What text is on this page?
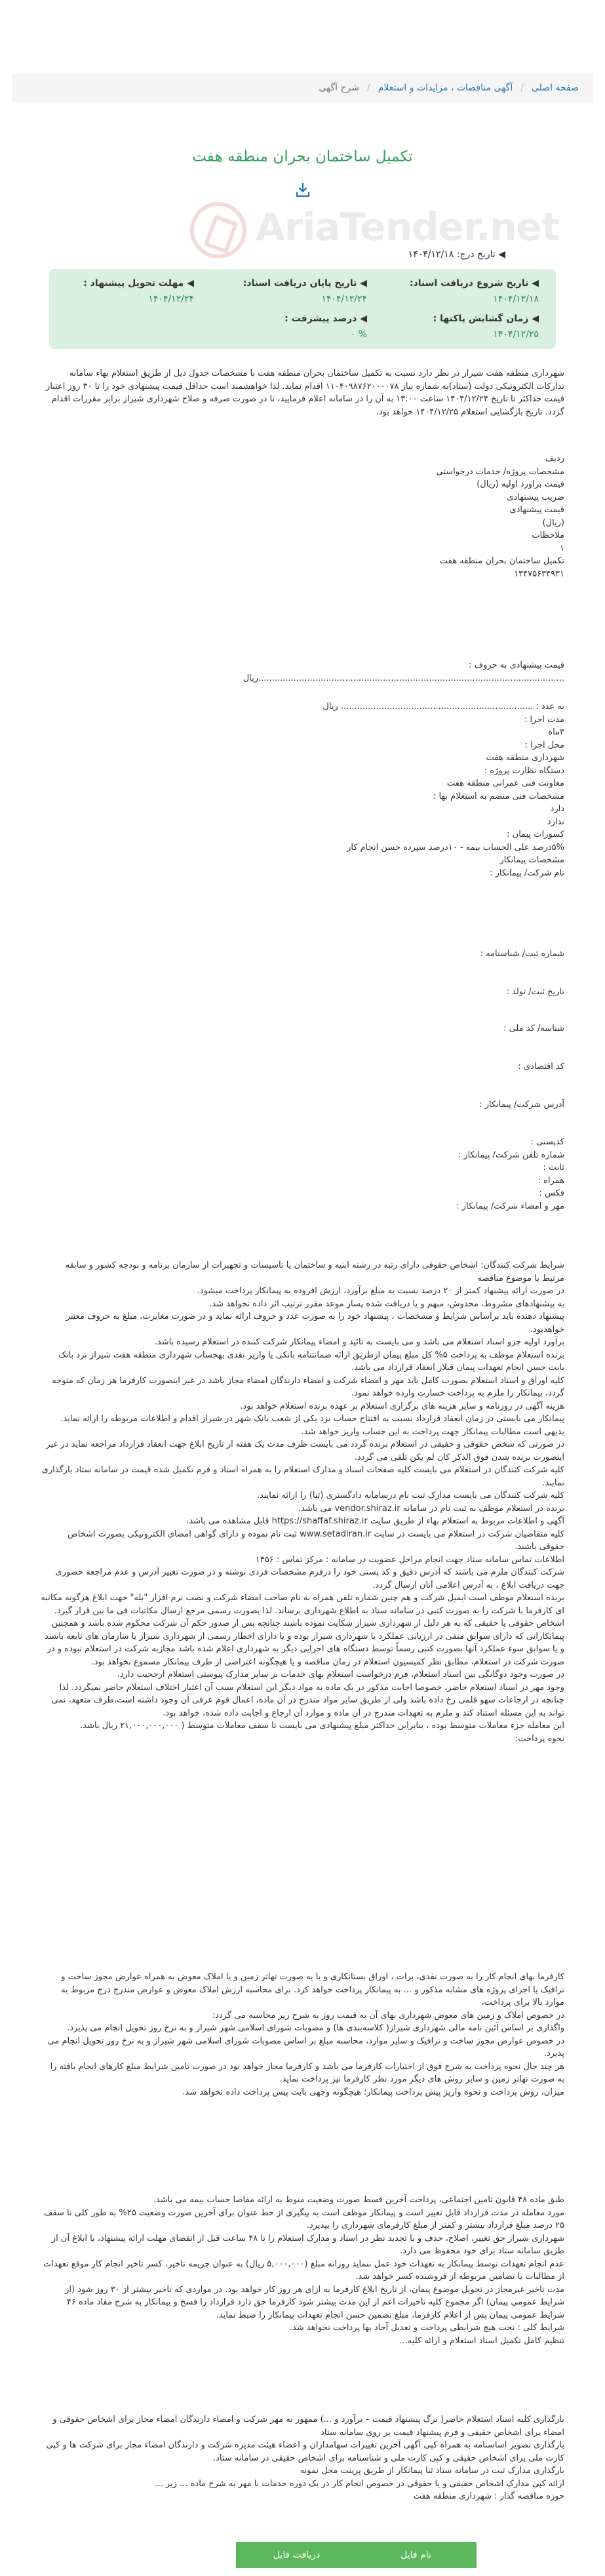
صفحه اصلی
/
آگهی مناقصات ، مزایدات و استعلام
/
شرح آگهی
تکمیل ساختمان بحران منطقه هفت
AriaTender.net
◀ تاریخ درج: ۱۴۰۴/۱۲/۱۸
◀ تاریخ شروع دریافت اسناد:
۱۴۰۴/۱۲/۱۸
◀ تاریخ پایان دریافت اسناد:
۱۴۰۴/۱۲/۲۴
◀ مهلت تحویل پیشنهاد :
۱۴۰۴/۱۲/۲۴
◀ زمان گشایش پاکتها :
۱۴۰۴/۱۲/۲۵
◀ درصد پیشرفت :
% ۰

شهرداری منطقه هفت شیراز در نظر دارد نسبت به تکمیل ساختمان بحران منطقه هفت با مشخصات جدول ذیل از طریق استعلام بهاء سامانه تدارکات الکترونیکی دولت (ستاد)به شماره نیاز ۱۱۰۴۰۹۸۷۶۲۰۰۰۰۷۸ اقدام نماید. لذا خواهشمند است حداقل قیمت پیشنهادی خود را تا ۳۰ روز اعتبار قیمت حداکثر تا تاریخ ۱۴۰۴/۱۲/۲۴ ساعت ۱۳:۰۰ به آن را در سامانه اعلام فرمایید، تا در صورت صرفه و صلاح شهرداری شیراز برابر مقررات اقدام گردد. تاریخ بازگشایی استعلام ۱۴۰۴/۱۲/۲۵ خواهد بود.

ردیف
مشخصات پروژه/ خدمات درخواستی
قیمت براورد اولیه (ریال)
ضریب پیشنهادی
قیمت پیشنهادی
(ریال)
ملاحظات
۱
تکمیل ساختمان بحران منطقه هفت
۱۳۴۷۵۶۳۴۹۳۱

قیمت پیشنهادی به حروف :
.................................................................................................................ریال

به عدد : ....................................................................... ریال
مدت اجرا :
۳ماه
محل اجرا :
شهرداری منطقه هفت
دستگاه نظارت پروژه :
معاونت فنی عمرانی منطقه هفت
مشخصات فنی منضم به استعلام بها :
دارد
ندارد
کسورات پیمان :
۵%درصد علی الحساب بیمه - ۱۰درصد سپرده حسن انجام کار
مشخصات پیمانکار
نام شرکت/ پیمانکار :

شماره ثبت/ شناسنامه :

تاریخ ثبت/ تولد :

شناسه/ کد ملی :

کد اقتصادی :

آدرس شرکت/ پیمانکار :

کدپستی :
شماره تلفن شرکت/ پیمانکار :
ثابت :
همراه :
فکس :
مهر و امضاء شرکت/ پیمانکار :

شرایط شرکت کنندگان: اشخاص حقوقی دارای رتبه در رشته ابنیه و ساختمان یا تاسیسات و تجهیزات از سازمان برنامه و بودجه کشور و سابقه مرتبط با موضوع مناقصه
در صورت ارائه پیشنهاد کمتر از ۲۰ درصد نسبت به مبلغ برآورد، ارزش افزوده به پیمانکار پرداخت میشود.
به پیشنهادهای مشروط، مخدوش، مبهم و یا دریافت شده پساز موعد مقرر ترتیب اثر داده نخواهد شد.
پیشنهاد دهنده باید براساس شرایط و مشخصات ، پیشنهاد خود را به صورت عدد و حروف ارائه نماید و در صورت مغایرت، مبلغ به حروف معتبر خواهدبود.
برآورد اولیه جزو اسناد استعلام می باشد و می بایست به تائید و امضاء پیمانکار شرکت کننده در استعلام رسیده باشد.
برنده استعلام موظف به پرداخت ۵% کل مبلغ پیمان ازطریق ارائه ضمانتنامه بانکی یا واریز نقدی بهحساب شهرداری منطقه هفت شیراز نزد بانک بابت حسن انجام تعهدات پیمان قبلاز انعقاد قرارداد می باشد.
کلیه اوراق و اسناد استعلام بصورت کامل باید مهر و امضاء شرکت و امضاء دارندگان امضاء مجاز باشد در غیر اینصورت کارفرما هر زمان که متوجه گردد، پیمانکار را ملزم به پرداخت خسارت وارده خواهد نمود.
هزینه آگهی در روزنامه و سایر هزینه های برگزاری استعلام بر عهده برنده استعلام خواهد بود.
پیمانکار می بایستی در زمان انعقاد قرارداد نسبت به افتتاح حساب نزد یکی از شعب بانک شهر در شیراز اقدام و اطلاعات مربوطه را ارائه نماید. بدیهی است مطالبات پیمانکار جهت پرداخت به این حساب واریز خواهد شد.
در صورتی که شخص حقوقی و حقیقی در استعلام برنده گردد می بایست ظرف مدت یک هفته از تاریخ ابلاغ جهت انعقاد قرارداد مراجعه نماید در غیر اینصورت برنده شدن فوق الذکر کان لم یکن تلقی می گردد.
کلیه شرکت کنندگان در استعلام می بایست کلیه صفحات اسناد و مدارک استعلام را به همراه اسناد و فرم تکمیل شده قیمت در سامانه ستاد بارگذاری نمایند.
کلیه شرکت کنندگان می بایست مدارک ثبت نام درسامانه دادگستری (ثنا) را ارائه نمایند.
برنده در استعلام موظف به ثبت نام در سامانه vendor.shiraz.ir می باشد.
آگهی و اطلاعات مربوط به استعلام بهاء از طریق سایت https://shaffaf.shiraz.ir قابل مشاهده می باشد.
کلیه متقاضیان شرکت در استعلام می بایست در سایت www.setadiran.ir ثبت نام نموده و دارای گواهی امضای الکترونیکی بصورت اشخاص حقوقی باشند.
اطلاعات تماس سامانه ستاد جهت انجام مراحل عضویت در سامانه : مرکز تماس : ۱۴۵۶
شرکت کنندگان ملزم می باشند که آدرس دقیق و کد پستی خود را درفرم مشخصات فردی نوشته و در صورت تغییر آدرس و عدم مراجعه حضوری جهت دریافت ابلاغ ، به آدرس اعلامی آنان ارسال گردد.
برنده استعلام موظف است ایمیل شرکت و هم چنین شماره تلفن همراه به نام صاحب امضاء شرکت و نصب نرم افزار "بله" جهت ابلاغ هرگونه مکاتبه ای کارفرما با شرکت را به صورت کتبی در سامانه ستاد به اطلاع شهرداری برساند. لذا بصورت رسمی مرجع ارسال مکاتبات فی ما بین قرار گیرد.
اشخاص حقوقی یا حقیقی که به هر دلیل از شهرداری شیراز شکایت نموده باشند چنانچه پس از صدور حکم آن شرکت محکوم شده باشد و همچنین پیمانکارانی که دارای سوابق منفی در ارزیابی عملکرد با شهرداری شیراز بوده و یا دارای اخطار رسمی از شهرداری شیراز یا سازمان های تابعه باشند و یا سوابق سوء عملکرد آنها بصورت کتبی رسماً توسط دستگاه های اجرایی دیگر به شهرداری اعلام شده باشد مجازبه شرکت در استعلام نبوده و در صورت شرکت در استعلام، مطابق نظر کمیسیون استعلام در زمان مناقصه و یا هیچگونه اعتراضی از طرف پیمانکار مسموع نخواهد بود.
در صورت وجود دوگانگی بین اسناد استعلام، فرم درخواست استعلام بهای خدمات بر سایر مدارک پیوستی استعلام ارجحیت دارد.
وجود مهر در اسناد استعلام حاضر، خصوصا اجابت مذکور در یک ماده به مواد دیگر این استعلام سبب آن اعتبار اختلاف استعلام حاضر نمیگردد. لذا چنانچه در ارجاعات سهو قلمی رخ داده باشد ولی از طریق سایر مواد مندرج در آن ماده، اعمال قوم عرفی آن وجود داشته است،طرف متعهد، نمی تواند به این مسئله استناد کند و ملزم به تعهدات مندرج در آن ماده و موارد آن ارجاع و اجابت داده شده، خواهد بود.
این معامله جزء معاملات متوسط بوده ، بنابراین حداکثر مبلغ پیشنهادی می بایست تا سقف معاملات متوسط ( ۲۱,۰۰۰,۰۰۰,۰۰۰ ریال باشد.
نحوه پرداخت:

کارفرما بهای انجام کار را به صورت نقدی، برات ، اوراق بستانکاری و یا به صورت تهاتر زمین و یا املاک معوض به همراه عوارض مجوز ساخت و ترافیک یا اجرای پروژه های مشابه مذکور و ... به پیمانکار پرداخت خواهد کرد. برای محاسبه ارزش املاک معوض و عوارض مندرج درج مربوط به موارد بالا برای پرداخت،
در خصوص املاک و زمین های معوض شهرداری بهای آن به قیمت روز به شرح زیر محاسبه می گردد:
واگذاری بر اساس آئین نامه مالی شهرداری شیراز( کلاسه‌بندی ها) و مصوبات شورای اسلامی شهر شیراز و به نرخ روز تحویل انجام می پذیرد.
در خصوص عوارض مجوز ساخت و ترافیک و سایر موارد، محاسبه مبلغ بر اساس مصوبات شورای اسلامی شهر شیراز و به نرخ روز تحویل انجام می پذیرد.
هر چند حال نحوه پرداخت به شرح فوق از اختیارات کارفرما می باشد و کارفرما مجاز خواهد بود در صورت تامین شرایط مبلغ کارهای انجام یافته را به صورت تهاتر زمین و سایر روش های دیگر مورد نظر کارفرما نیز پرداخت نماید.
میزان، روش پرداخت و نحوه واریز پیش پرداخت پیمانکار؛ هیچگونه وجهی بابت پیش پرداخت داده نخواهد شد.

طبق ماده ۴۸ قانون تامین اجتماعی، پرداخت آخرین قسط صورت وضعیت منوط به ارائه مفاصا حساب بیمه می باشد.
مورد معامله در مدت قرارداد قابل تغییر است و پیمانکار موظف است به پیگیری از خط عنوان برای آخرین صورت وضعیت ۲۵% به طور کلی تا سقف ۲۵ درصد مبلغ قرارداد بیشتر و کمتر از مبلغ کارفرمای شهرداری را بپذیرد.
شهرداری شیراز حق تغییر، اصلاح، حذف و یا تجدید نظر در اسناد و مدارک استعلام را تا ۴۸ ساعت قبل از انقضای مهلت ارائه پیشنهاد، با ابلاغ آن از طریق سامانه ستاد برای خود محفوظ می دارد.
عدم انجام تعهدات توسط پیمانکار به تعهدات خود عمل ننماید روزانه مبلغ (۵,۰۰۰,۰۰۰ ریال) به عنوان جریمه تاخیر، کسر تاخیر انجام کار موقع تعهدات از مطالبات یا تضامین مربوطه از فروشنده کسر خواهد شد.
مدت تاخیر غیرمجاز در تحویل موضوع پیمان، از تاریخ ابلاغ کارفرما به ازای هر روز کار خواهد بود. در مواردی که تاخیر بیشتر از ۳۰ روز شود (از شرایط عمومی پیمان) اگر مجموع کلیه تاخیرات اعم از این مدت بیشتر شود کارفرما حق دارد قرارداد را فسخ و پیمانکار به شرح مفاد ماده ۴۶ شرایط عمومی پیمان پس از اعلام کارفرما، مبلغ تضمین حسن انجام تعهدات پیمانکار را ضبط نماید.
شرایط کلی : تحت هیچ شرایطی پرداخت و تعدیل آحاد بها پرداخت نخواهد شد.
تنظیم کامل تکمیل اسناد استعلام و ارائه کلیه...

بارگذاری کلیه اسناد استعلام حاضر( برگ پیشنهاد قیمت – برآورد و ...) ممهور به مهر شرکت و امضاء دارندگان امضاء مجاز برای اشخاص حقوقی و امضاء برای اشخاص حقیقی و فرم پیشنهاد قیمت بر روی سامانه ستاد
بارگذاری تصویر اساسنامه به همراه کپی آگهی آخرین تغییرات سهامداران و اعضاء هیئت مدیره شرکت و دارندگان امضاء مجاز برای شرکت ها و کپی کارت ملی برای اشخاص حقیقی و کپی کارت ملی و شناسنامه برای اشخاص حقیقی در سامانه ستاد.
بارگذاری مدارک ثبت در سامانه ستاد ثنا پیمانکار از طریق پرینت محل نمونه
ارائه کپی مدارک اشخاص حقیقی و یا حقوقی در خصوص انجام کار در یک دوره خدمات با مهر به شرح ماده ... زیر ...
حوزه مناقصه گذار : شهرداری منطقه هفت

نام فایل
دریافت فایل
